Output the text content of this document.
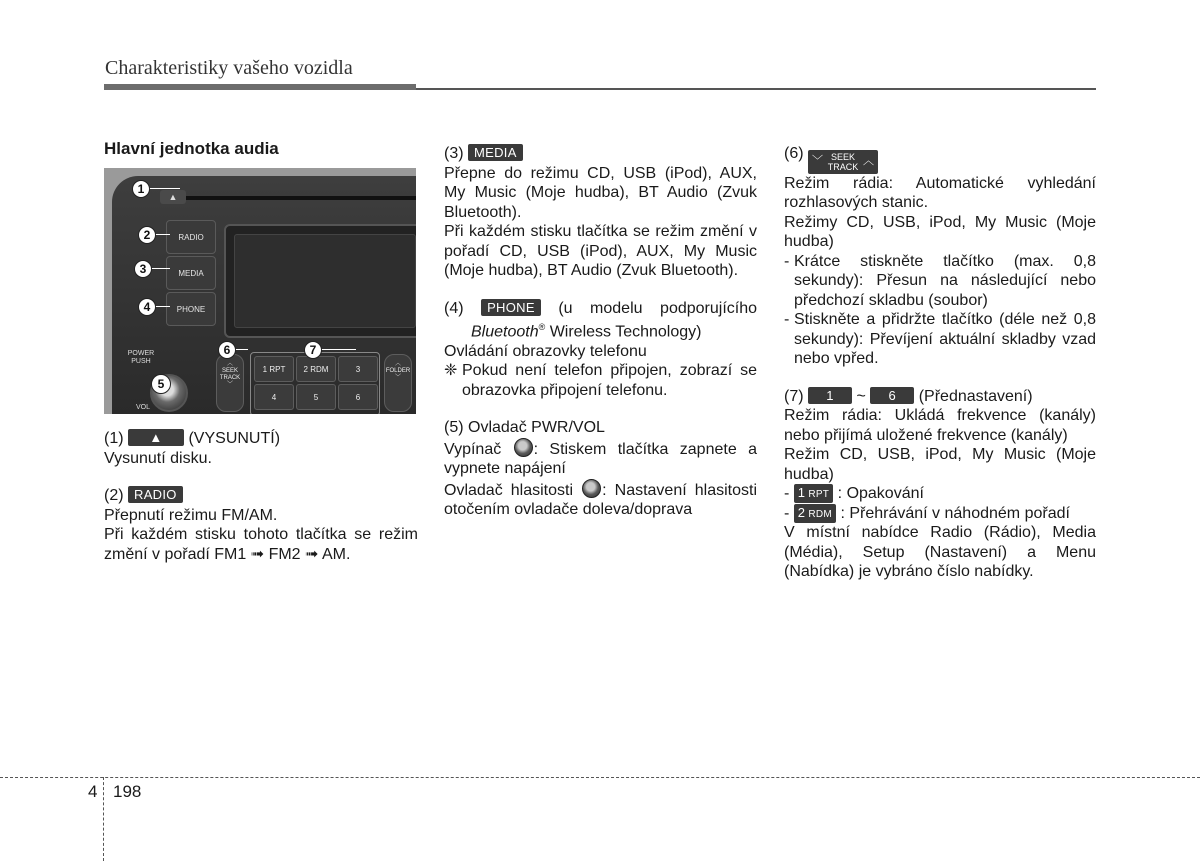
Charakteristiky vašeho vozidla

Hlavní jednotka audia

▲
RADIO
MEDIA
PHONE
POWER PUSH
VOL
︿
SEEK
TRACK
﹀
1 RPT	2 RDM	3
4	5	6
︿
FOLDER
﹀
1
2
3
4
5
6	7

(1) ▲ (VYSUNUTÍ)

Vysunutí disku.

(2) RADIO

Přepnutí režimu FM/AM.

Při každém stisku tohoto tlačítka se režim změní v pořadí FM1 ➟ FM2 ➟ AM.

(3) MEDIA

Přepne do režimu CD, USB (iPod), AUX, My Music (Moje hudba), BT Audio (Zvuk Bluetooth).

Při každém stisku tlačítka se režim změní v pořadí CD, USB (iPod), AUX, My Music (Moje hudba), BT Audio (Zvuk Bluetooth).

(4) PHONE (u modelu podporujícího

Bluetooth® Wireless Technology)

Ovládání obrazovky telefonu

❈ Pokud není telefon připojen, zobrazí se obrazovka připojení telefonu.

(5) Ovladač PWR/VOL

Vypínač : Stiskem tlačítka zapnete a vypnete napájení

Ovladač hlasitosti : Nastavení hlasitosti otočením ovladače doleva/doprava

(6) ﹀ SEEK
TRACK ︿

Režim rádia: Automatické vyhledání rozhlasových stanic.

Režimy CD, USB, iPod, My Music (Moje hudba)

- Krátce stiskněte tlačítko (max. 0,8 sekundy): Přesun na následující nebo předchozí skladbu (soubor)
- Stiskněte a přidržte tlačítko (déle než 0,8 sekundy): Převíjení aktuální skladby vzad nebo vpřed.

(7) 1 ~ 6 (Přednastavení)

Režim rádia: Ukládá frekvence (kanály) nebo přijímá uložené frekvence (kanály)

Režim CD, USB, iPod, My Music (Moje hudba)

- 1 RPT : Opakování

- 2 RDM : Přehrávání v náhodném pořadí

V místní nabídce Radio (Rádio), Media (Média), Setup (Nastavení) a Menu (Nabídka) je vybráno číslo nabídky.

4 198
